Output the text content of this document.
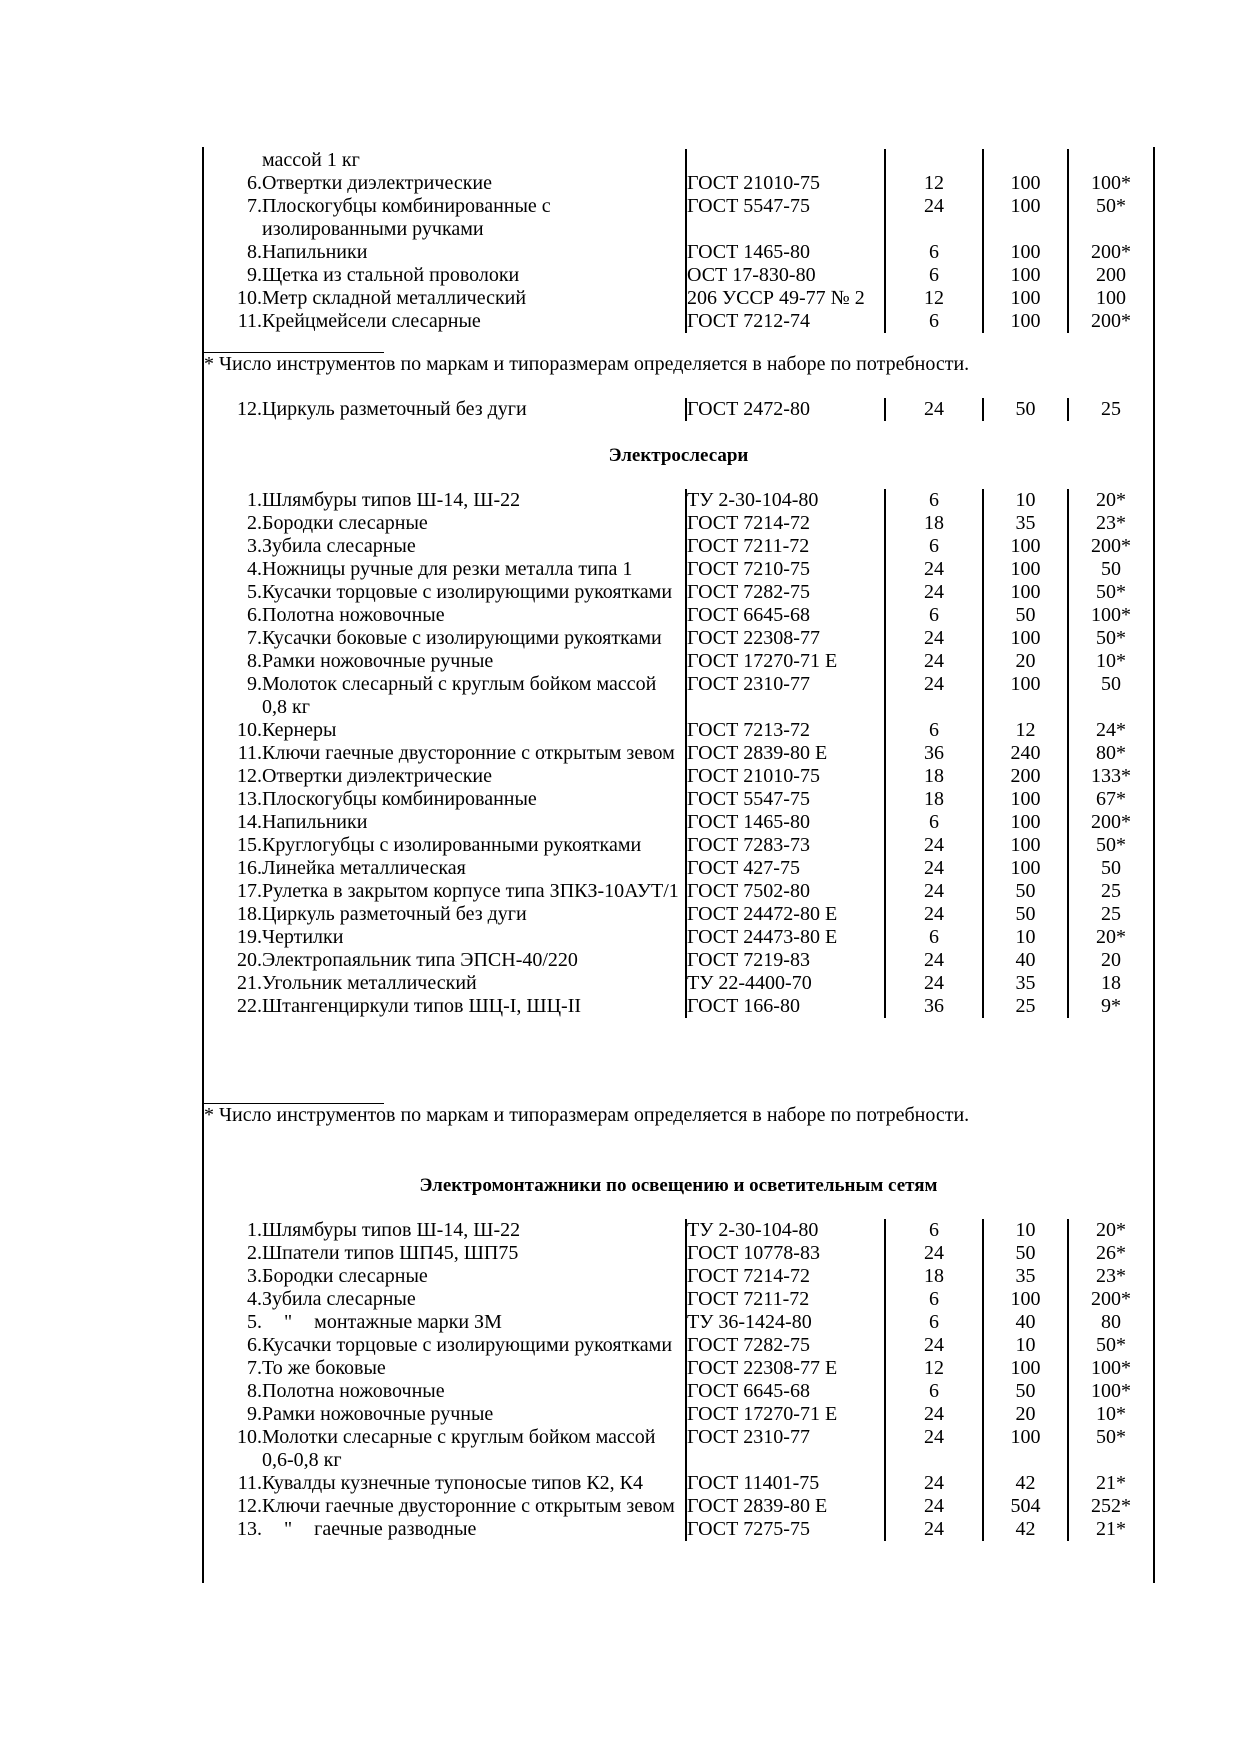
	массой 1 кг				
6.	Отвертки диэлектрические	ГОСТ 21010-75	12	100	100*
7.	Плоскогубцы комбинированные с изолированными ручками	ГОСТ 5547-75	24	100	50*
8.	Напильники	ГОСТ 1465-80	6	100	200*
9.	Щетка из стальной проволоки	ОСТ 17-830-80	6	100	200
10.	Метр складной металлический	206 УССР 49-77 № 2	12	100	100
11.	Крейцмейсели слесарные	ГОСТ 7212-74	6	100	200*
* Число инструментов по маркам и типоразмерам определяется в наборе по потребности.
12.	Циркуль разметочный без дуги	ГОСТ 2472-80	24	50	25
Электрослесари
1.	Шлямбуры типов Ш-14, Ш-22	ТУ 2-30-104-80	6	10	20*
2.	Бородки слесарные	ГОСТ 7214-72	18	35	23*
3.	Зубила слесарные	ГОСТ 7211-72	6	100	200*
4.	Ножницы ручные для резки металла типа 1	ГОСТ 7210-75	24	100	50
5.	Кусачки торцовые с изолирующими рукоятками	ГОСТ 7282-75	24	100	50*
6.	Полотна ножовочные	ГОСТ 6645-68	6	50	100*
7.	Кусачки боковые с изолирующими рукоятками	ГОСТ 22308-77	24	100	50*
8.	Рамки ножовочные ручные	ГОСТ 17270-71 Е	24	20	10*
9.	Молоток слесарный с круглым бойком массой 0,8 кг	ГОСТ 2310-77	24	100	50
10.	Кернеры	ГОСТ 7213-72	6	12	24*
11.	Ключи гаечные двусторонние с открытым зевом	ГОСТ 2839-80 Е	36	240	80*
12.	Отвертки диэлектрические	ГОСТ 21010-75	18	200	133*
13.	Плоскогубцы комбинированные	ГОСТ 5547-75	18	100	67*
14.	Напильники	ГОСТ 1465-80	6	100	200*
15.	Круглогубцы с изолированными рукоятками	ГОСТ 7283-73	24	100	50*
16.	Линейка металлическая	ГОСТ 427-75	24	100	50
17.	Рулетка в закрытом корпусе типа ЗПКЗ-10АУТ/1	ГОСТ 7502-80	24	50	25
18.	Циркуль разметочный без дуги	ГОСТ 24472-80 Е	24	50	25
19.	Чертилки	ГОСТ 24473-80 Е	6	10	20*
20.	Электропаяльник типа ЭПСН-40/220	ГОСТ 7219-83	24	40	20
21.	Угольник металлический	ТУ 22-4400-70	24	35	18
22.	Штангенциркули типов ШЦ-I, ШЦ-II	ГОСТ 166-80	36	25	9*
* Число инструментов по маркам и типоразмерам определяется в наборе по потребности.
Электромонтажники по освещению и осветительным сетям
1.	Шлямбуры типов Ш-14, Ш-22	ТУ 2-30-104-80	6	10	20*
2.	Шпатели типов ШП45, ШП75	ГОСТ 10778-83	24	50	26*
3.	Бородки слесарные	ГОСТ 7214-72	18	35	23*
4.	Зубила слесарные	ГОСТ 7211-72	6	100	200*
5.	" монтажные марки ЗМ	ТУ 36-1424-80	6	40	80
6.	Кусачки торцовые с изолирующими рукоятками	ГОСТ 7282-75	24	10	50*
7.	То же боковые	ГОСТ 22308-77 Е	12	100	100*
8.	Полотна ножовочные	ГОСТ 6645-68	6	50	100*
9.	Рамки ножовочные ручные	ГОСТ 17270-71 Е	24	20	10*
10.	Молотки слесарные с круглым бойком массой 0,6-0,8 кг	ГОСТ 2310-77	24	100	50*
11.	Кувалды кузнечные тупоносые типов К2, К4	ГОСТ 11401-75	24	42	21*
12.	Ключи гаечные двусторонние с открытым зевом	ГОСТ 2839-80 Е	24	504	252*
13.	" гаечные разводные	ГОСТ 7275-75	24	42	21*
